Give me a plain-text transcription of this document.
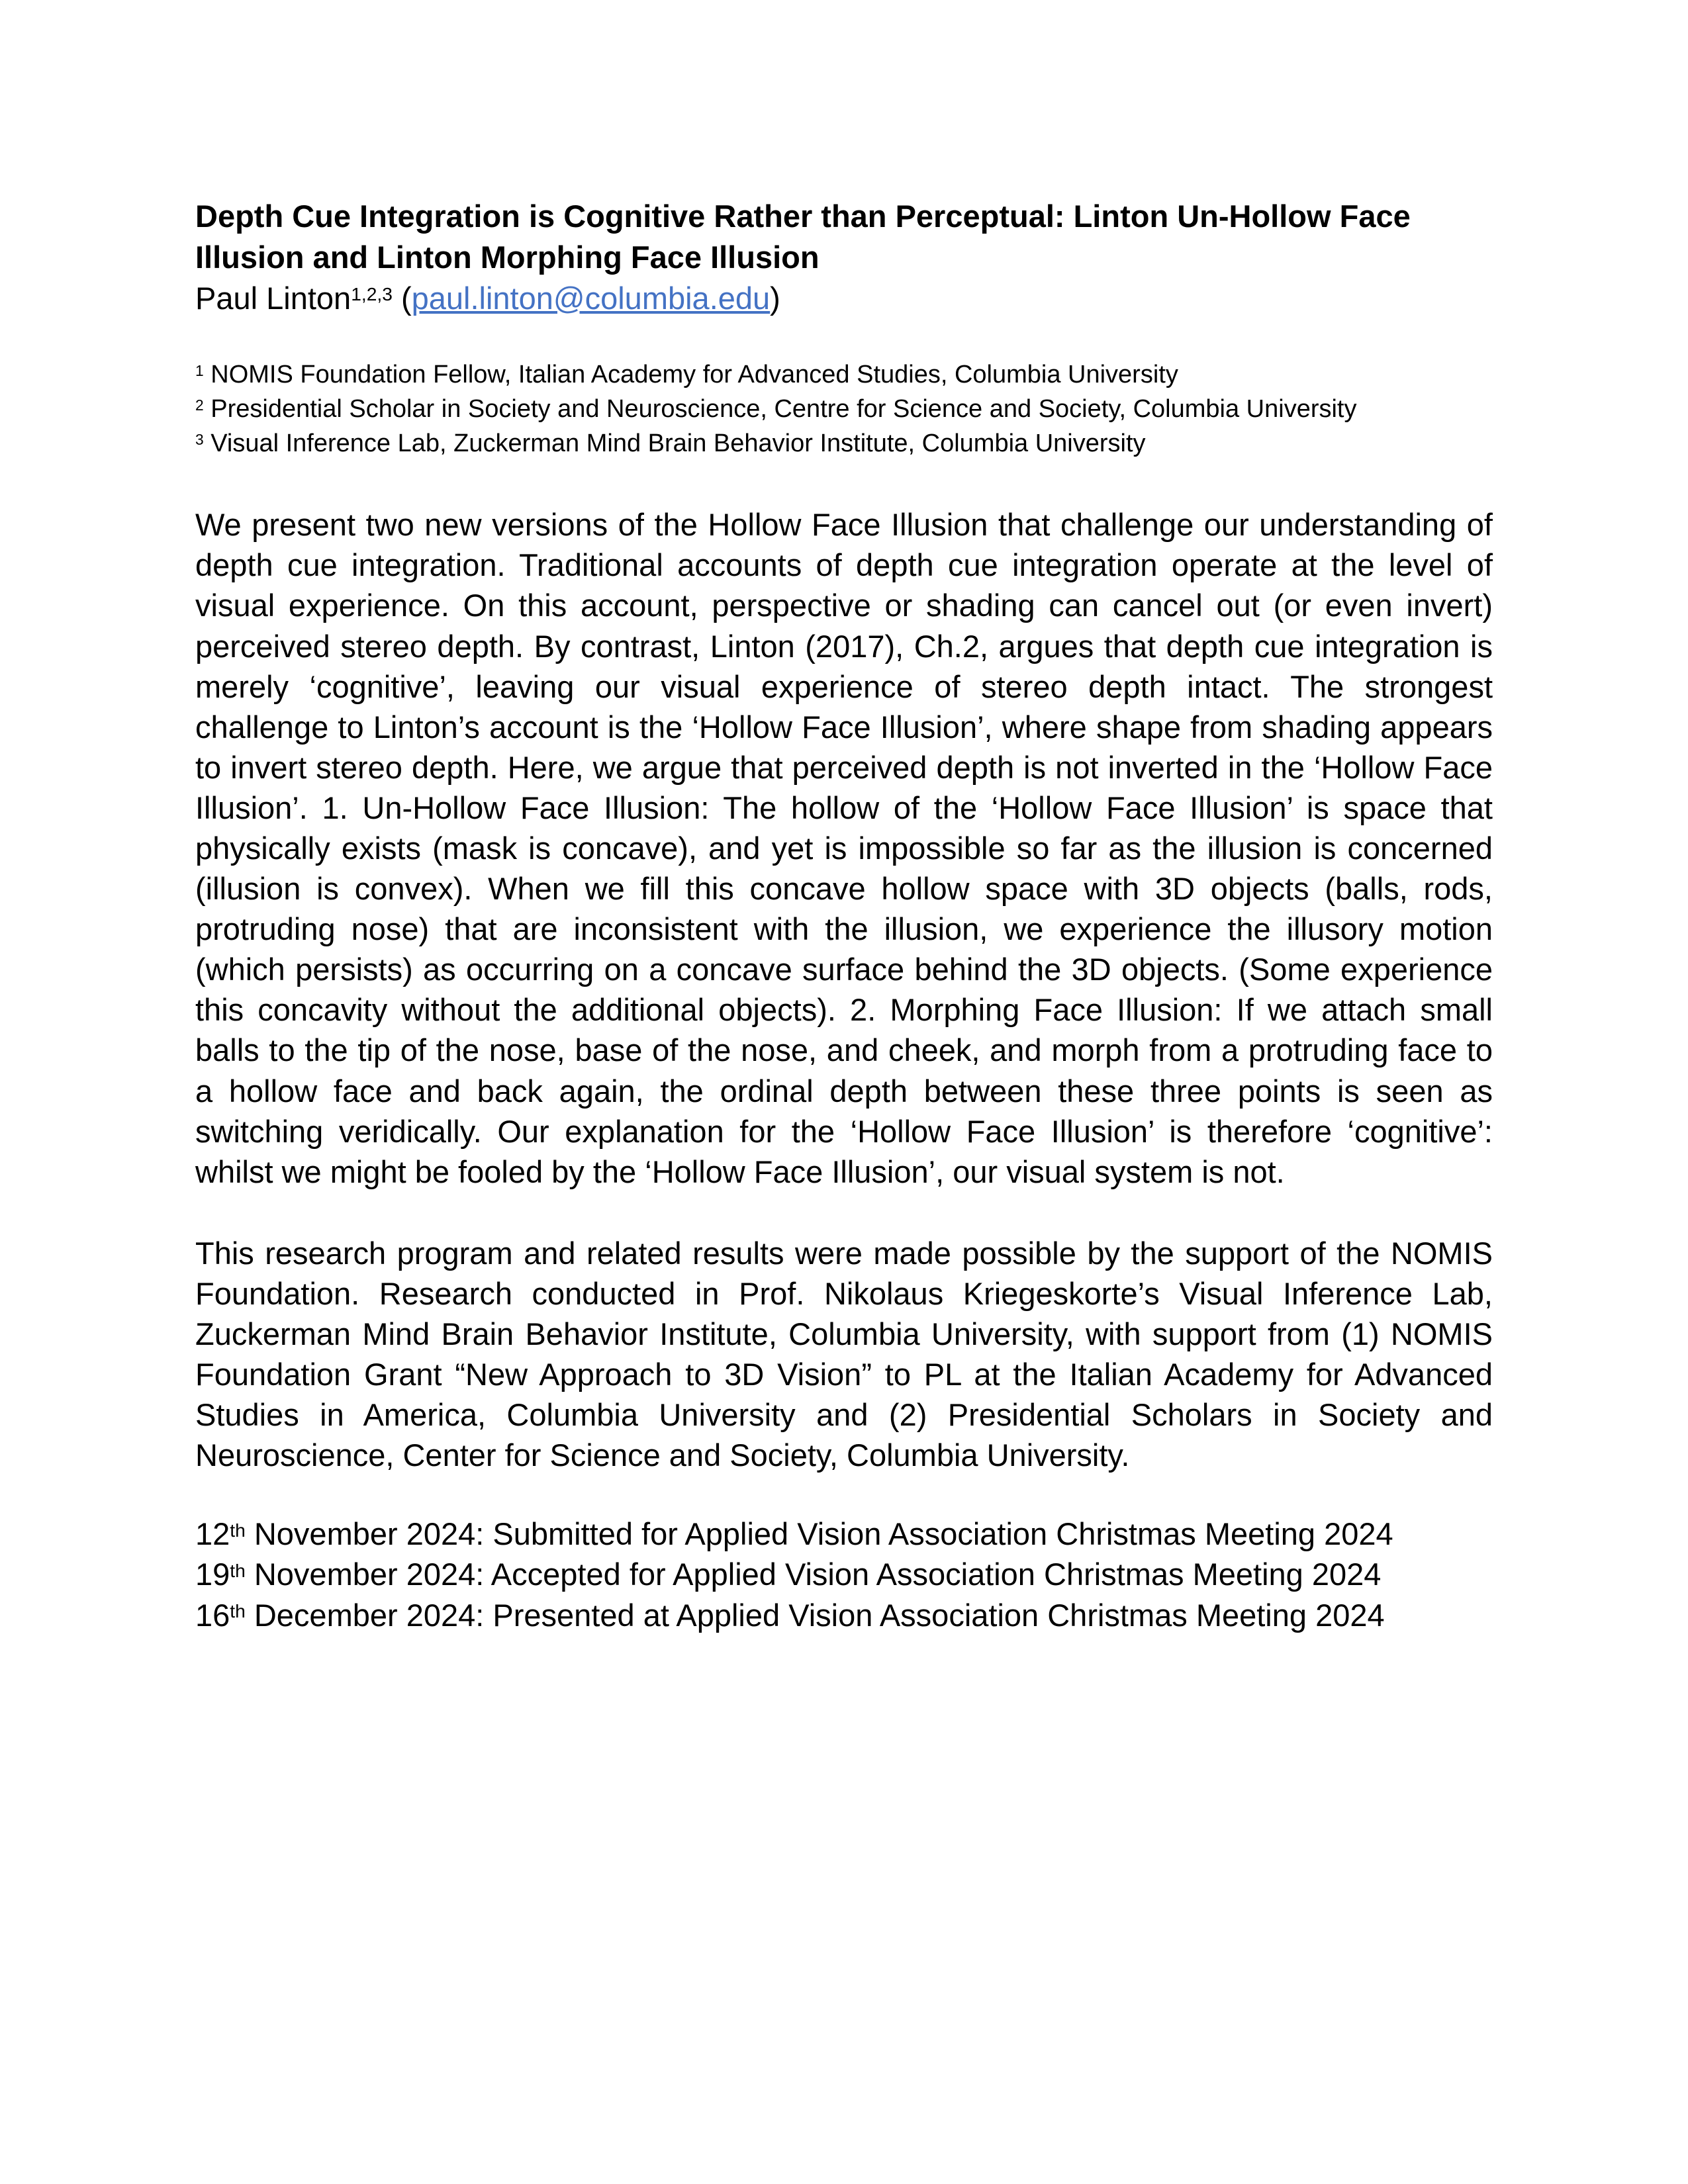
Depth Cue Integration is Cognitive Rather than Perceptual: Linton Un-Hollow Face Illusion and Linton Morphing Face Illusion

Paul Linton$^{1,2,3}$ (paul.linton@columbia.edu)

$^1$ NOMIS Foundation Fellow, Italian Academy for Advanced Studies, Columbia University
$^2$ Presidential Scholar in Society and Neuroscience, Centre for Science and Society, Columbia University
$^3$ Visual Inference Lab, Zuckerman Mind Brain Behavior Institute, Columbia University

We present two new versions of the Hollow Face Illusion that challenge our understanding of depth cue integration. Traditional accounts of depth cue integration operate at the level of visual experience. On this account, perspective or shading can cancel out (or even invert) perceived stereo depth. By contrast, Linton (2017), Ch.2, argues that depth cue integration is merely ‘cognitive’, leaving our visual experience of stereo depth intact. The strongest challenge to Linton’s account is the ‘Hollow Face Illusion’, where shape from shading appears to invert stereo depth. Here, we argue that perceived depth is not inverted in the ‘Hollow Face Illusion’. 1. Un-Hollow Face Illusion: The hollow of the ‘Hollow Face Illusion’ is space that physically exists (mask is concave), and yet is impossible so far as the illusion is concerned (illusion is convex). When we fill this concave hollow space with 3D objects (balls, rods, protruding nose) that are inconsistent with the illusion, we experience the illusory motion (which persists) as occurring on a concave surface behind the 3D objects. (Some experience this concavity without the additional objects). 2. Morphing Face Illusion: If we attach small balls to the tip of the nose, base of the nose, and cheek, and morph from a protruding face to a hollow face and back again, the ordinal depth between these three points is seen as switching veridically. Our explanation for the ‘Hollow Face Illusion’ is therefore ‘cognitive’: whilst we might be fooled by the ‘Hollow Face Illusion’, our visual system is not.

This research program and related results were made possible by the support of the NOMIS Foundation. Research conducted in Prof. Nikolaus Kriegeskorte’s Visual Inference Lab, Zuckerman Mind Brain Behavior Institute, Columbia University, with support from (1) NOMIS Foundation Grant “New Approach to 3D Vision” to PL at the Italian Academy for Advanced Studies in America, Columbia University and (2) Presidential Scholars in Society and Neuroscience, Center for Science and Society, Columbia University.

12th November 2024: Submitted for Applied Vision Association Christmas Meeting 2024
19th November 2024: Accepted for Applied Vision Association Christmas Meeting 2024
16th December 2024: Presented at Applied Vision Association Christmas Meeting 2024
